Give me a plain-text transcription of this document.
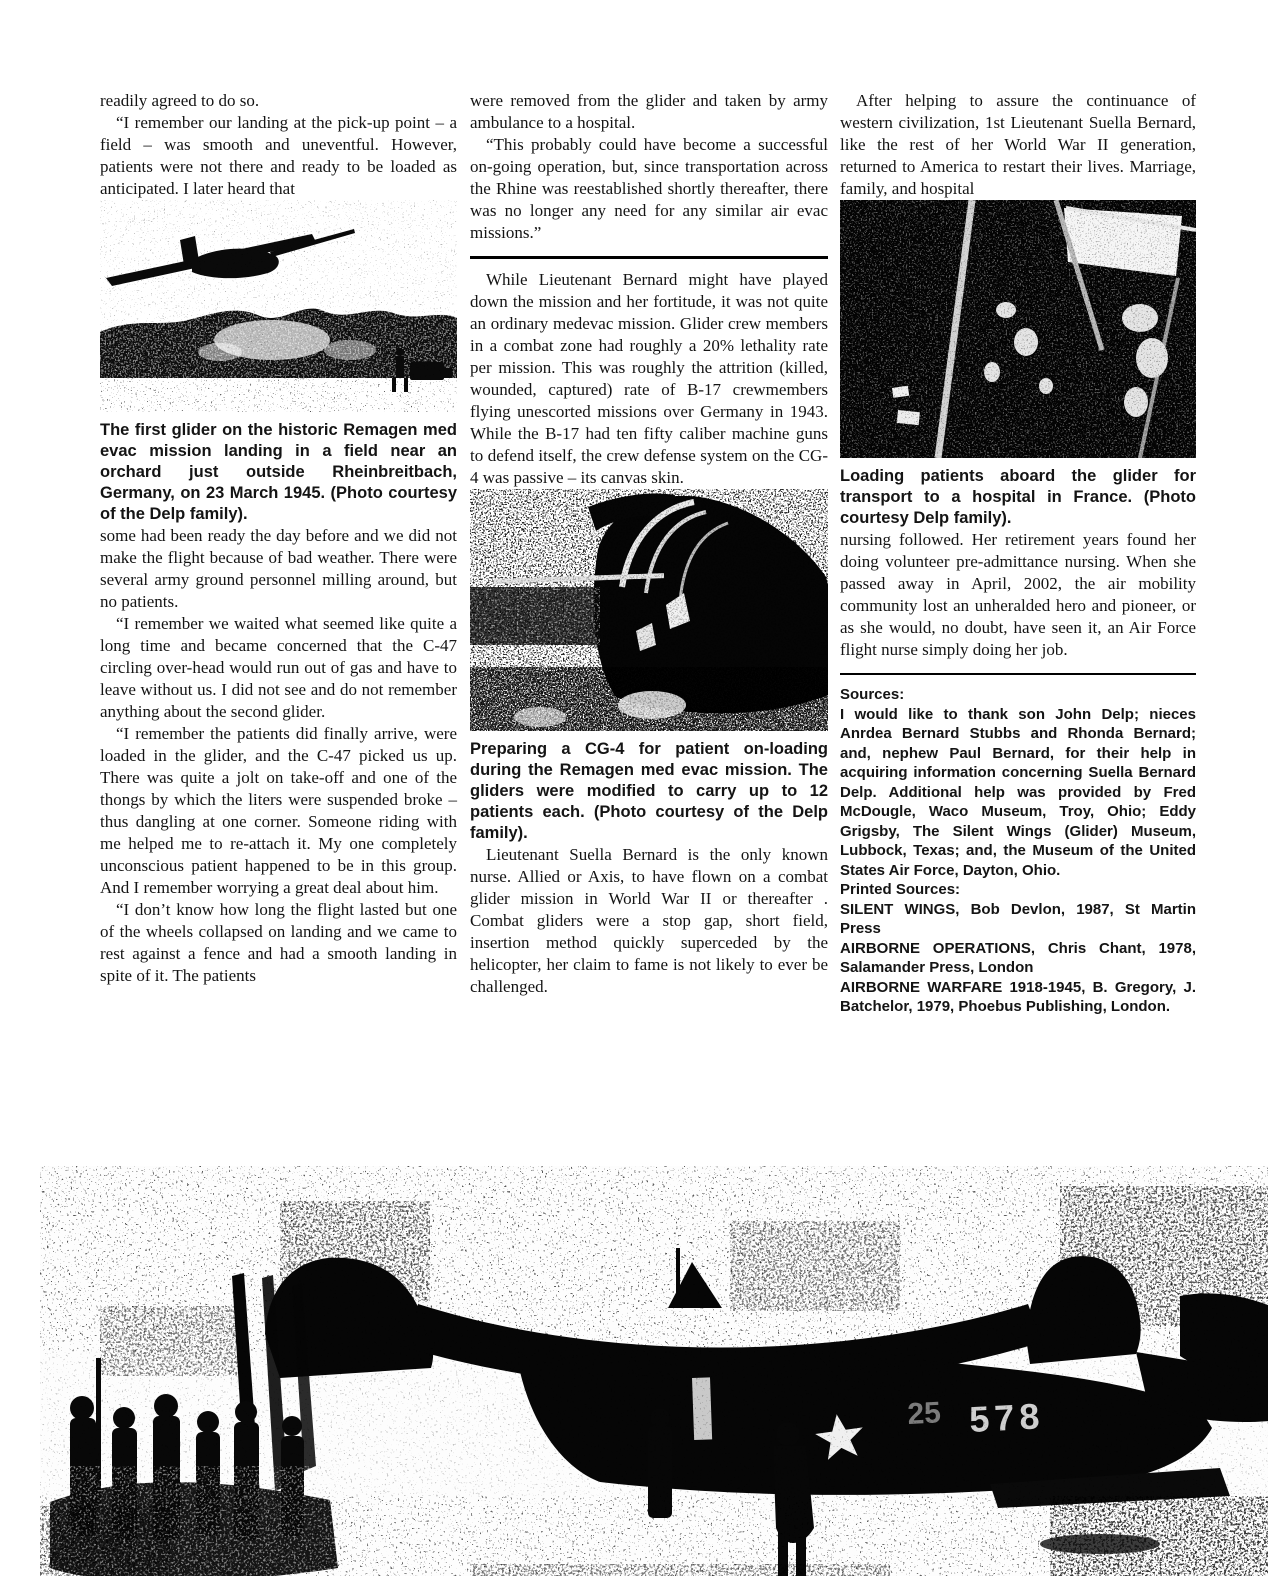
readily agreed to do so.

“I remember our landing at the pick-up point – a field – was smooth and uneventful. However, patients were not there and ready to be loaded as anticipated. I later heard that

The first glider on the historic Remagen med evac mission landing in a field near an orchard just outside Rheinbreitbach, Germany, on 23 March 1945. (Photo courtesy of the Delp family).

some had been ready the day before and we did not make the flight because of bad weather. There were several army ground personnel milling around, but no patients.

“I remember we waited what seemed like quite a long time and became concerned that the C-47 circling over-head would run out of gas and have to leave without us. I did not see and do not remember anything about the second glider.

“I remember the patients did finally arrive, were loaded in the glider, and the C-47 picked us up. There was quite a jolt on take-off and one of the thongs by which the liters were suspended broke – thus dangling at one corner. Someone riding with me helped me to re-attach it. My one completely unconscious patient happened to be in this group. And I remember worrying a great deal about him.

“I don’t know how long the flight lasted but one of the wheels collapsed on landing and we came to rest against a fence and had a smooth landing in spite of it. The patients

were removed from the glider and taken by army ambulance to a hospital.

“This probably could have become a successful on-going operation, but, since transportation across the Rhine was reestablished shortly thereafter, there was no longer any need for any similar air evac missions.”

While Lieutenant Bernard might have played down the mission and her fortitude, it was not quite an ordinary medevac mission. Glider crew members in a combat zone had roughly a 20% lethality rate per mission. This was roughly the attrition (killed, wounded, captured) rate of B-17 crewmembers flying unescorted missions over Germany in 1943. While the B-17 had ten fifty caliber machine guns to defend itself, the crew defense system on the CG-4 was passive – its canvas skin.

Preparing a CG-4 for patient on-loading during the Remagen med evac mission. The gliders were modified to carry up to 12 patients each. (Photo courtesy of the Delp family).

Lieutenant Suella Bernard is the only known nurse. Allied or Axis, to have flown on a combat glider mission in World War II or thereafter . Combat gliders were a stop gap, short field, insertion method quickly superceded by the helicopter, her claim to fame is not likely to ever be challenged.

After helping to assure the continuance of western civilization, 1st Lieutenant Suella Bernard, like the rest of her World War II generation, returned to America to restart their lives. Marriage, family, and hospital

Loading patients aboard the glider for transport to a hospital in France. (Photo courtesy Delp family).

nursing followed. Her retirement years found her doing volunteer pre-admittance nursing. When she passed away in April, 2002, the air mobility community lost an unheralded hero and pioneer, or as she would, no doubt, have seen it, an Air Force flight nurse simply doing her job.

Sources:

I would like to thank son John Delp; nieces Anrdea Bernard Stubbs and Rhonda Bernard; and, nephew Paul Bernard, for their help in acquiring information concerning Suella Bernard Delp. Additional help was provided by Fred McDougle, Waco Museum, Troy, Ohio; Eddy Grigsby, The Silent Wings (Glider) Museum, Lubbock, Texas; and, the Museum of the United States Air Force, Dayton, Ohio.

Printed Sources:

SILENT WINGS, Bob Devlon, 1987, St Martin Press

AIRBORNE OPERATIONS, Chris Chant, 1978, Salamander Press, London

AIRBORNE WARFARE 1918-1945, B. Gregory, J. Batchelor, 1979, Phoebus Publishing, London.

25 578
